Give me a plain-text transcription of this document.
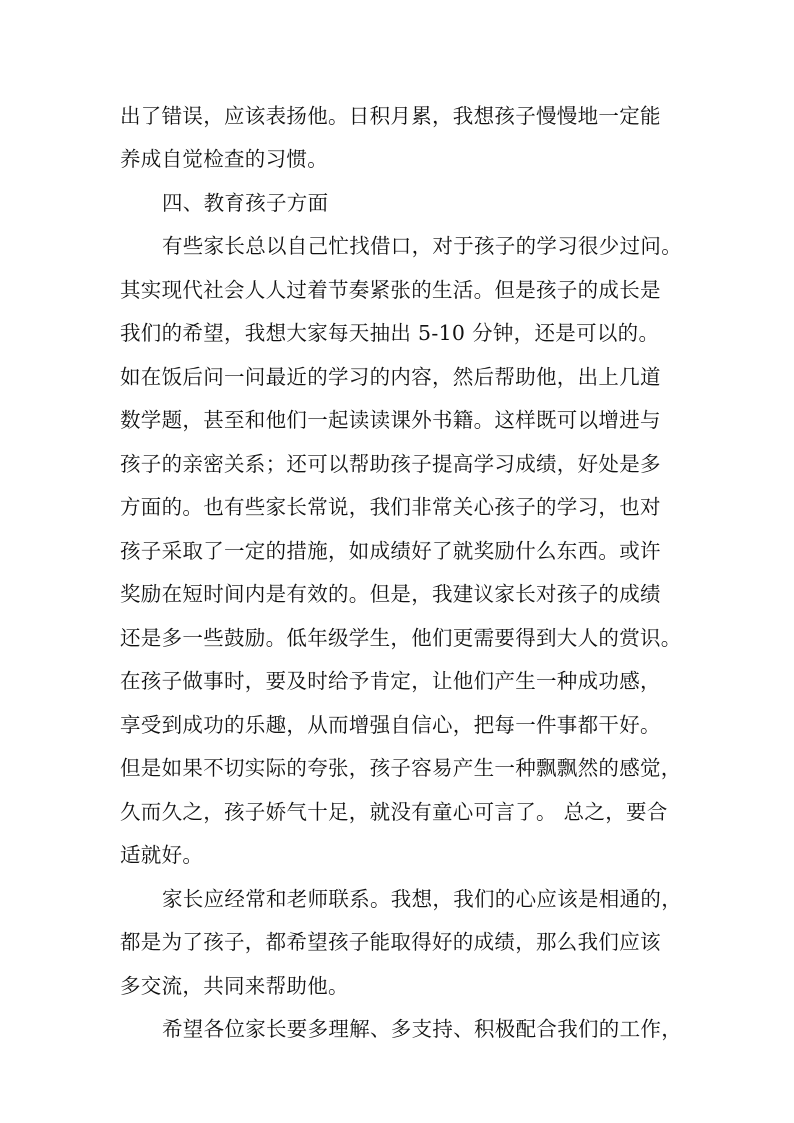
出了错误，应该表扬他。日积月累，我想孩子慢慢地一定能
养成自觉检查的习惯。
四、教育孩子方面
有些家长总以自己忙找借口，对于孩子的学习很少过问。
其实现代社会人人过着节奏紧张的生活。但是孩子的成长是
我们的希望，我想大家每天抽出 5-10 分钟，还是可以的。
如在饭后问一问最近的学习的内容，然后帮助他，出上几道
数学题，甚至和他们一起读读课外书籍。这样既可以增进与
孩子的亲密关系；还可以帮助孩子提高学习成绩，好处是多
方面的。也有些家长常说，我们非常关心孩子的学习，也对
孩子采取了一定的措施，如成绩好了就奖励什么东西。或许
奖励在短时间内是有效的。但是，我建议家长对孩子的成绩
还是多一些鼓励。低年级学生，他们更需要得到大人的赏识。
在孩子做事时，要及时给予肯定，让他们产生一种成功感，
享受到成功的乐趣，从而增强自信心，把每一件事都干好。
但是如果不切实际的夸张，孩子容易产生一种飘飘然的感觉，
久而久之，孩子娇气十足，就没有童心可言了。 总之，要合
适就好。
家长应经常和老师联系。我想，我们的心应该是相通的，
都是为了孩子，都希望孩子能取得好的成绩，那么我们应该
多交流，共同来帮助他。
希望各位家长要多理解、多支持、积极配合我们的工作，
